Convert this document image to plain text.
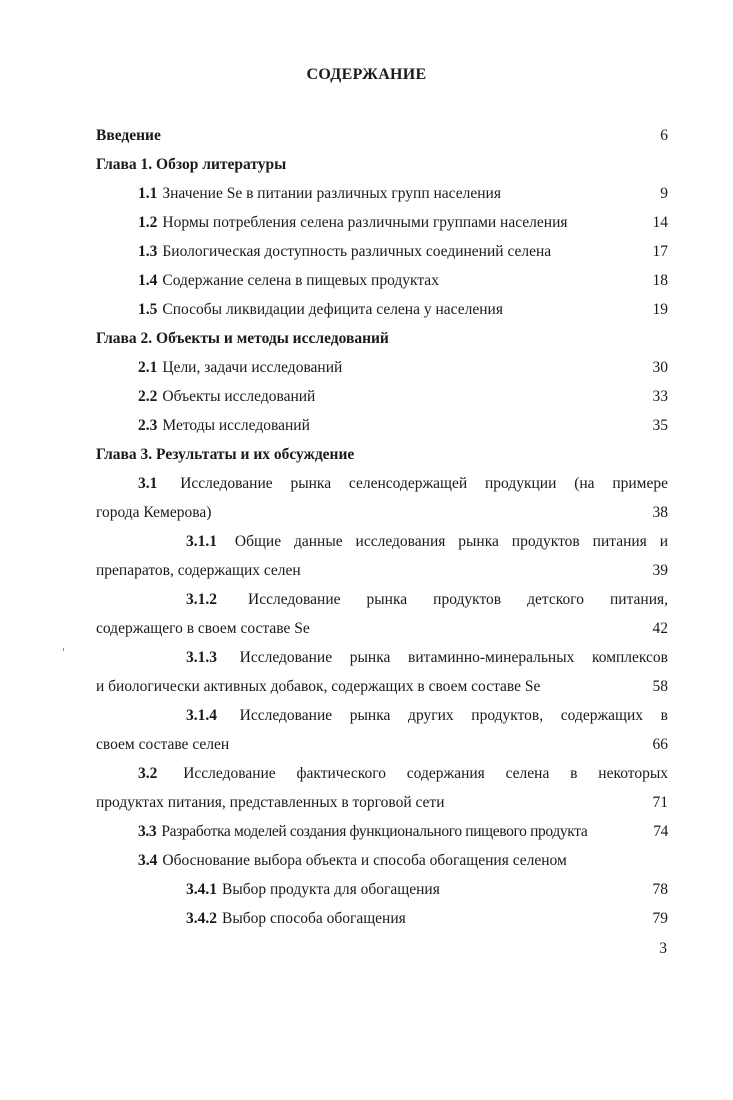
СОДЕРЖАНИЕ
Введение	6
Глава 1. Обзор литературы
1.1 Значение Se в питании различных групп населения	9
1.2 Нормы потребления селена различными группами населения	14
1.3 Биологическая доступность различных соединений селена	17
1.4 Содержание селена в пищевых продуктах	18
1.5 Способы ликвидации дефицита селена у населения	19
Глава 2. Объекты и методы исследований
2.1 Цели, задачи исследований	30
2.2 Объекты исследований	33
2.3 Методы исследований	35
Глава 3. Результаты и их обсуждение
3.1 Исследование рынка селенсодержащей продукции (на примере
города Кемерова)	38
3.1.1 Общие данные исследования рынка продуктов питания и
препаратов, содержащих селен	39
3.1.2 Исследование рынка продуктов детского питания,
содержащего в своем составе Se	42
3.1.3 Исследование рынка витаминно-минеральных комплексов
и биологически активных добавок, содержащих в своем составе Se	58
3.1.4 Исследование рынка других продуктов, содержащих в
своем составе селен	66
3.2 Исследование фактического содержания селена в некоторых
продуктах питания, представленных в торговой сети	71
3.3 Разработка моделей создания функционального пищевого продукта	74
3.4 Обоснование выбора объекта и способа обогащения селеном
3.4.1 Выбор продукта для обогащения	78
3.4.2 Выбор способа обогащения	79
3
